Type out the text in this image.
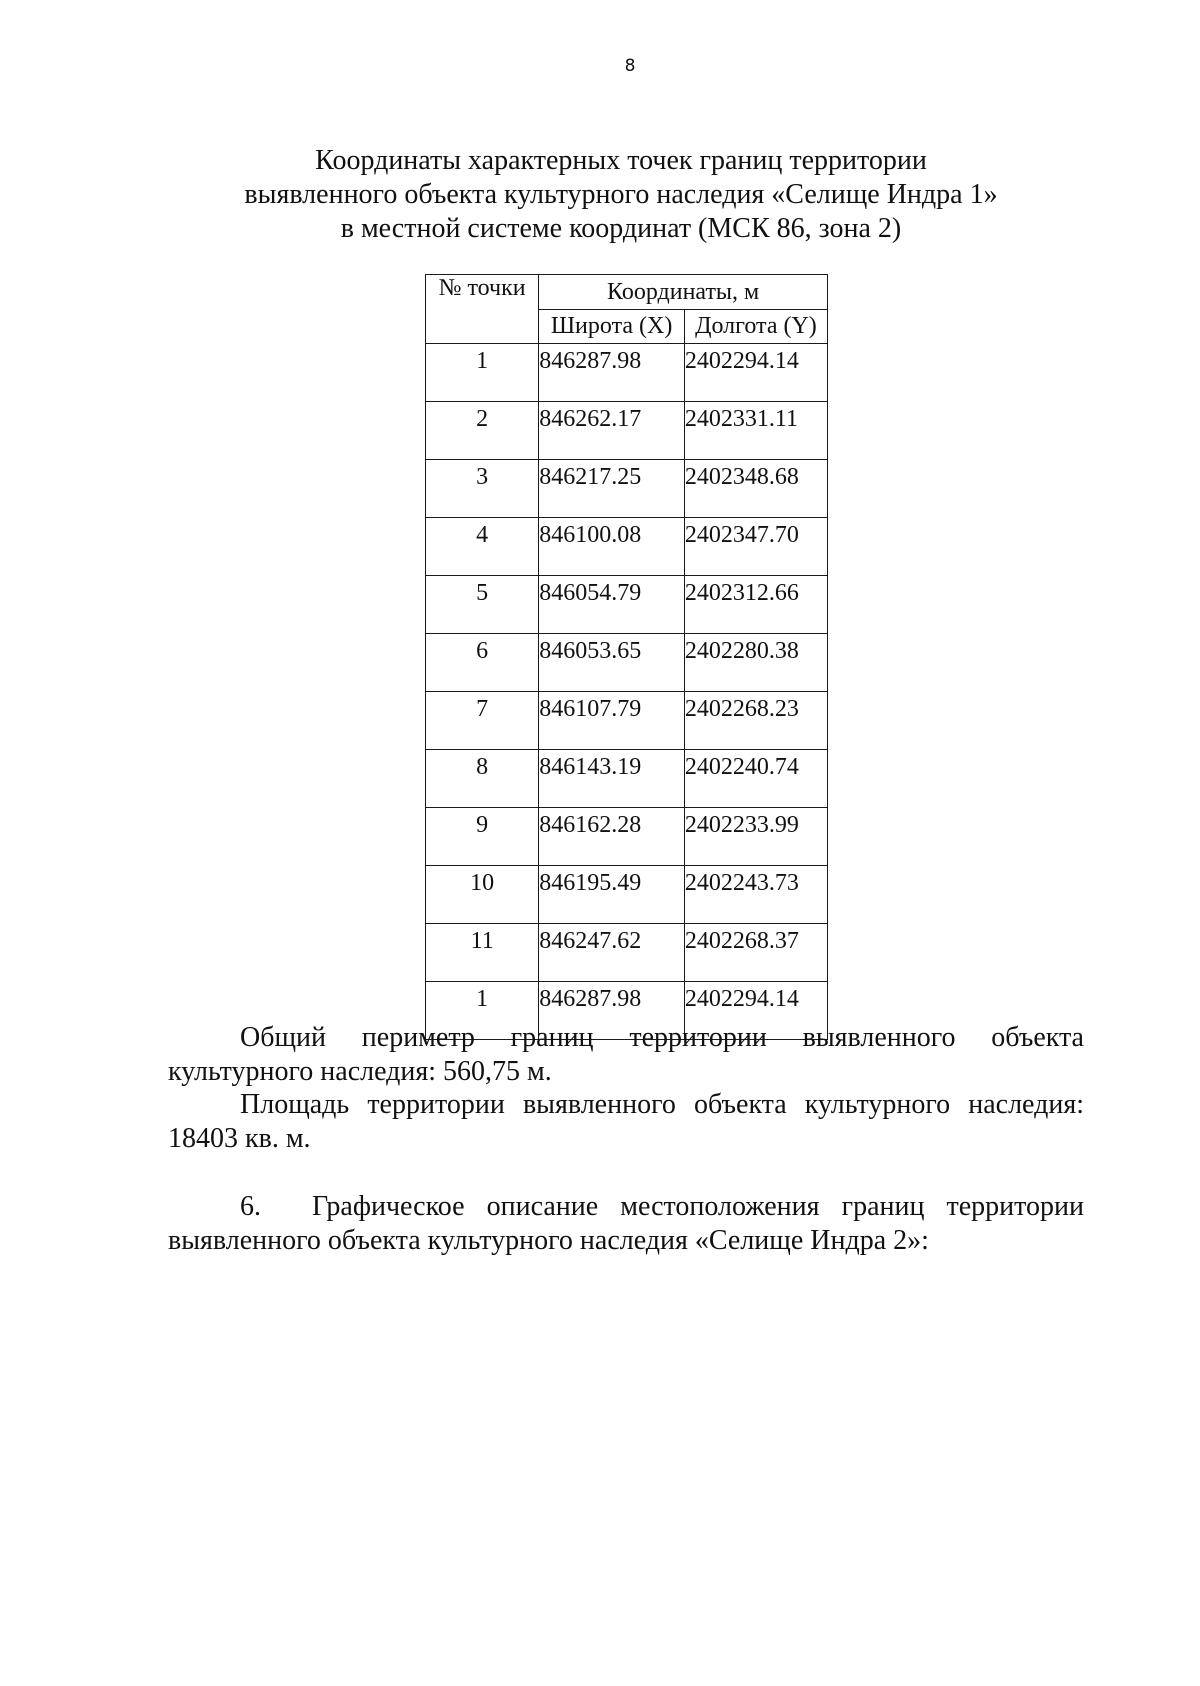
8
Координаты характерных точек границ территории
выявленного объекта культурного наследия «Селище Индра 1»
в местной системе координат (МСК 86, зона 2)
№ точки	Координаты, м	
	Широта (X)	Долгота (Y)
1	846287.98	2402294.14
2	846262.17	2402331.11
3	846217.25	2402348.68
4	846100.08	2402347.70
5	846054.79	2402312.66
6	846053.65	2402280.38
7	846107.79	2402268.23
8	846143.19	2402240.74
9	846162.28	2402233.99
10	846195.49	2402243.73
11	846247.62	2402268.37
1	846287.98	2402294.14
Общий периметр границ территории выявленного объекта
культурного наследия: 560,75 м.
Площадь территории выявленного объекта культурного наследия:
18403 кв. м.
6. Графическое описание местоположения границ территории
выявленного объекта культурного наследия «Селище Индра 2»:
